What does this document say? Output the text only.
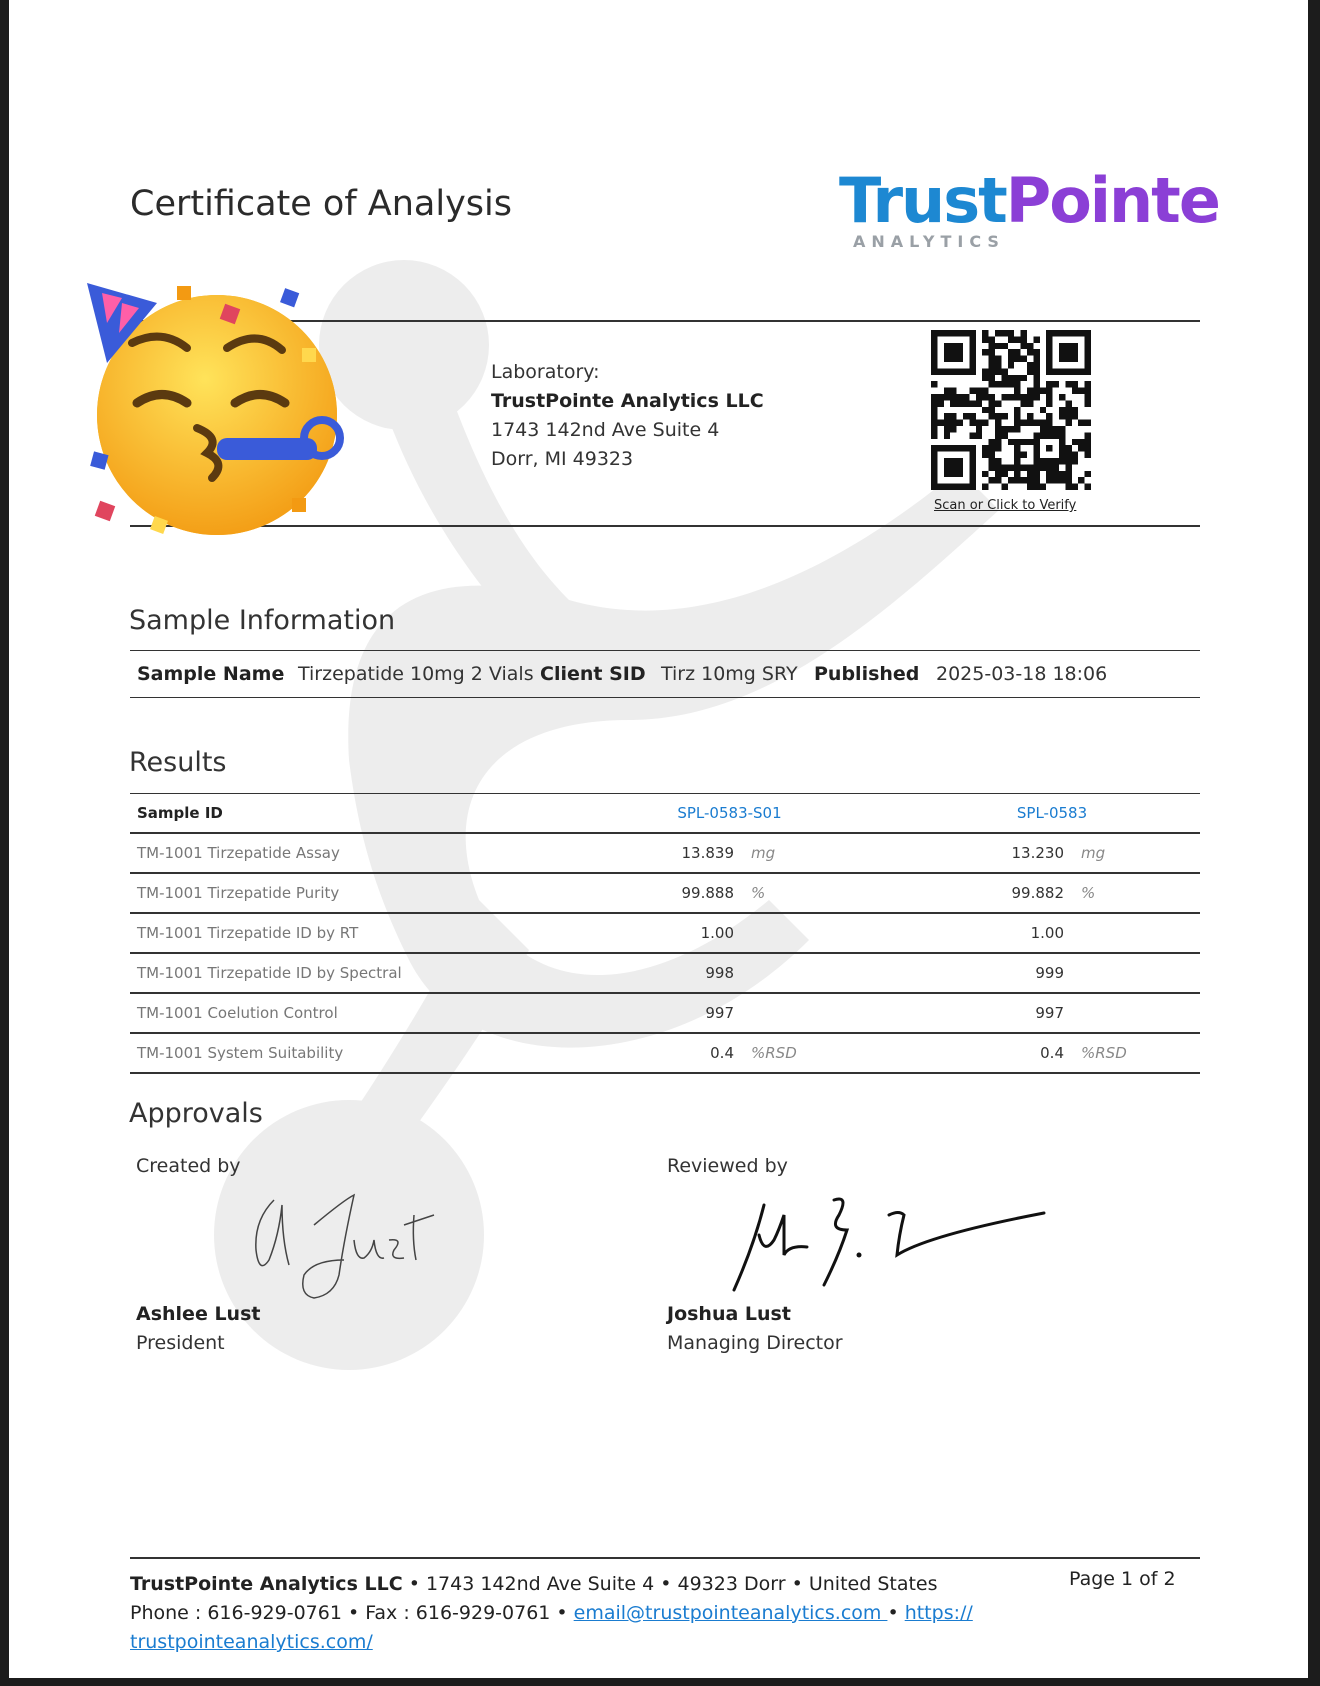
Certificate of Analysis	TrustPointe
ANALYTICS
Laboratory:
TrustPointe Analytics LLC
1743 142nd Ave Suite 4
Dorr, MI 49323
Scan or Click to Verify
Sample Information
Sample Name Tirzepatide 10mg 2 Vials Client SID Tirz 10mg SRY Published 2025-03-18 18:06
Results
Sample ID	SPL-0583-S01		SPL-0583	
TM-1001 Tirzepatide Assay	13.839	mg	13.230	mg
TM-1001 Tirzepatide Purity	99.888	%	99.882	%
TM-1001 Tirzepatide ID by RT	1.00		1.00	
TM-1001 Tirzepatide ID by Spectral	998		999	
TM-1001 Coelution Control	997		997	
TM-1001 System Suitability	0.4	%RSD	0.4	%RSD
Approvals
Created by
Ashlee Lust
President
Reviewed by
Joshua Lust
Managing Director
TrustPointe Analytics LLC • 1743 142nd Ave Suite 4 • 49323 Dorr • United States
Phone : 616-929-0761 • Fax : 616-929-0761 • email@trustpointeanalytics.com • https://
trustpointeanalytics.com/
Page 1 of 2
